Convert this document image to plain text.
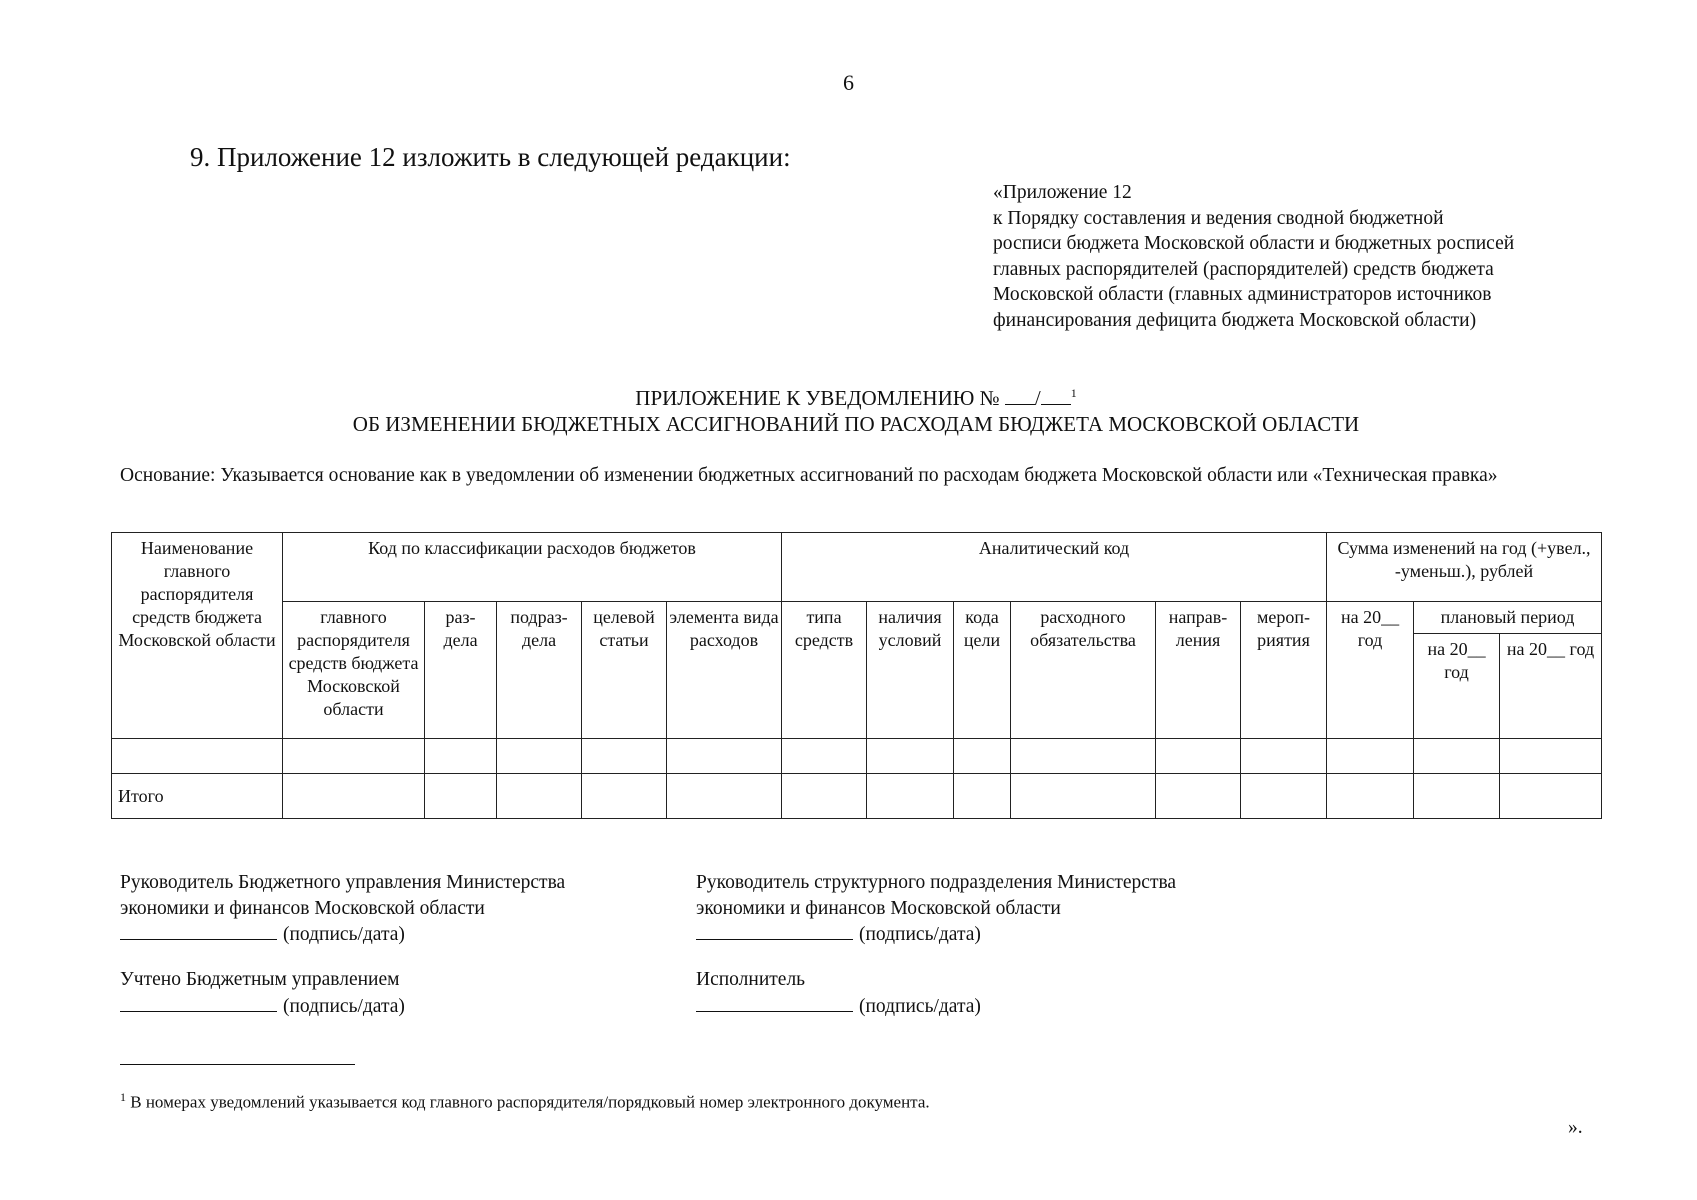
6
9. Приложение 12 изложить в следующей редакции:
«Приложение 12
к Порядку составления и ведения сводной бюджетной
росписи бюджета Московской области и бюджетных росписей
главных распорядителей (распорядителей) средств бюджета
Московской области (главных администраторов источников
финансирования дефицита бюджета Московской области)
ПРИЛОЖЕНИЕ К УВЕДОМЛЕНИЮ № /	$^1$
ОБ ИЗМЕНЕНИИ БЮДЖЕТНЫХ АССИГНОВАНИЙ ПО РАСХОДАМ БЮДЖЕТА МОСКОВСКОЙ ОБЛАСТИ
Основание: Указывается основание как в уведомлении об изменении бюджетных ассигнований по расходам бюджета Московской области или «Техническая правка»
Наименование главного распорядителя средств бюджета Московской области	Код по классификации расходов бюджетов					Аналитический код						Сумма изменений на год (+увел., -уменьш.), рублей		
	главного распорядителя средств бюджета Московской области	раз- дела	подраз- дела	целевой статьи	элемента вида расходов	типа средств	наличия условий	кода цели	расходного обязательства	направ- ления	мероп- риятия	на 20__ год	плановый период	
													на 20__ год	на 20__ год

Итого														
Руководитель Бюджетного управления Министерства
экономики и финансов Московской области
(подпись/дата)
Руководитель структурного подразделения Министерства
экономики и финансов Московской области
(подпись/дата)
Учтено Бюджетным управлением
(подпись/дата)
Исполнитель
(подпись/дата)
$^1$ В номерах уведомлений указывается код главного распорядителя/порядковый номер электронного документа.
».
